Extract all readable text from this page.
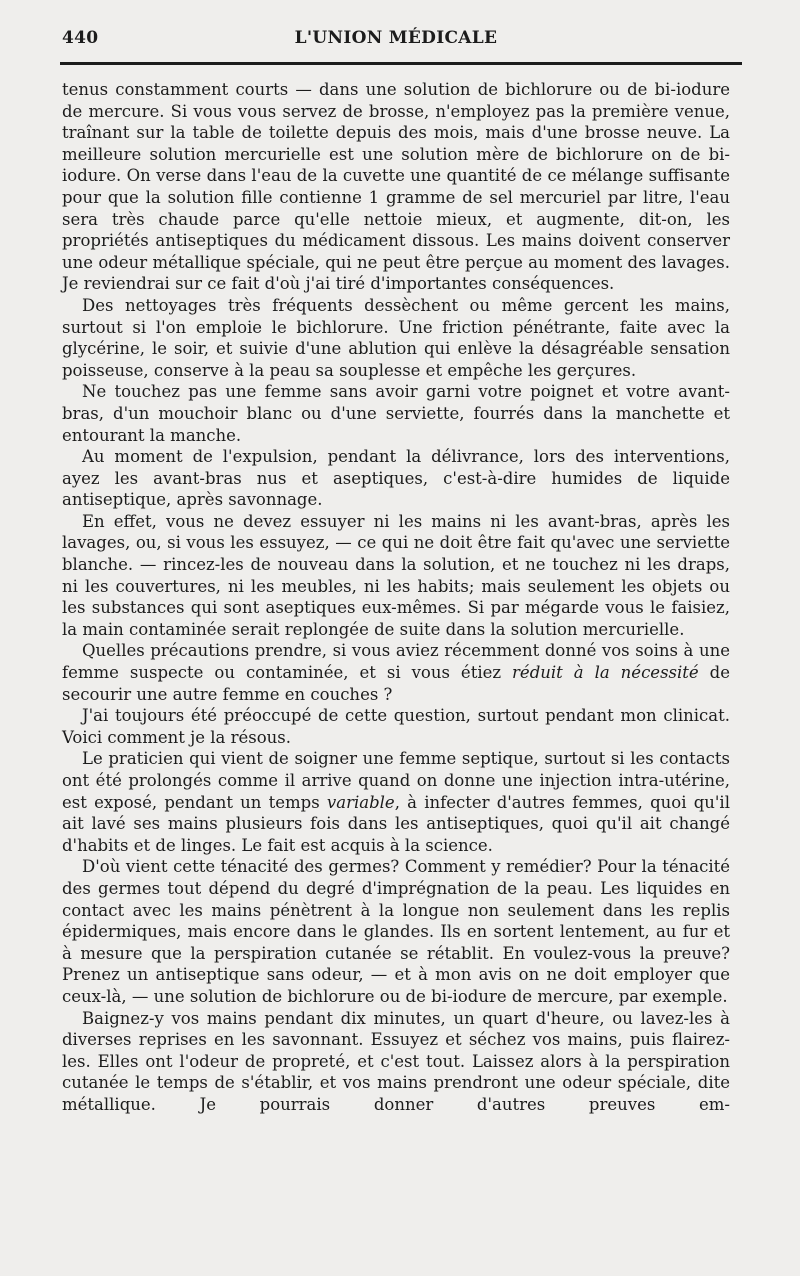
440	L'UNION MÉDICALE

tenus constamment courts — dans une solution de bichlorure ou de bi-iodure de mercure. Si vous vous servez de brosse, n'employez pas la première venue, traînant sur la table de toilette depuis des mois, mais d'une brosse neuve. La meilleure solution mercurielle est une solution mère de bichlorure on de bi-iodure. On verse dans l'eau de la cuvette une quantité de ce mélange suffisante pour que la solution fille contienne 1 gramme de sel mercuriel par litre, l'eau sera très chaude parce qu'elle nettoie mieux, et augmente, dit-on, les propriétés antiseptiques du médicament dissous. Les mains doivent conserver une odeur métallique spéciale, qui ne peut être perçue au moment des lavages. Je reviendrai sur ce fait d'où j'ai tiré d'importantes conséquences.

Des nettoyages très fréquents dessèchent ou même gercent les mains, surtout si l'on emploie le bichlorure. Une friction pénétrante, faite avec la glycérine, le soir, et suivie d'une ablution qui enlève la désagréable sensation poisseuse, conserve à la peau sa souplesse et empêche les gerçures.

Ne touchez pas une femme sans avoir garni votre poignet et votre avant-bras, d'un mouchoir blanc ou d'une serviette, fourrés dans la manchette et entourant la manche.

Au moment de l'expulsion, pendant la délivrance, lors des interventions, ayez les avant-bras nus et aseptiques, c'est-à-dire humides de liquide antiseptique, après savonnage.

En effet, vous ne devez essuyer ni les mains ni les avant-bras, après les lavages, ou, si vous les essuyez, — ce qui ne doit être fait qu'avec une serviette blanche. — rincez-les de nouveau dans la solution, et ne touchez ni les draps, ni les couvertures, ni les meubles, ni les habits; mais seulement les objets ou les substances qui sont aseptiques eux-mêmes. Si par mégarde vous le faisiez, la main contaminée serait replongée de suite dans la solution mercurielle.

Quelles précautions prendre, si vous aviez récemment donné vos soins à une femme suspecte ou contaminée, et si vous étiez réduit à la nécessité de secourir une autre femme en couches ?

J'ai toujours été préoccupé de cette question, surtout pendant mon clinicat. Voici comment je la résous.

Le praticien qui vient de soigner une femme septique, surtout si les contacts ont été prolongés comme il arrive quand on donne une injection intra-utérine, est exposé, pendant un temps variable, à infecter d'autres femmes, quoi qu'il ait lavé ses mains plusieurs fois dans les antiseptiques, quoi qu'il ait changé d'habits et de linges. Le fait est acquis à la science.

D'où vient cette ténacité des germes? Comment y remédier? Pour la ténacité des germes tout dépend du degré d'imprégnation de la peau. Les liquides en contact avec les mains pénètrent à la longue non seulement dans les replis épidermiques, mais encore dans le glandes. Ils en sortent lentement, au fur et à mesure que la perspiration cutanée se rétablit. En voulez-vous la preuve? Prenez un antiseptique sans odeur, — et à mon avis on ne doit employer que ceux-là, — une solution de bichlorure ou de bi-iodure de mercure, par exemple.

Baignez-y vos mains pendant dix minutes, un quart d'heure, ou lavez-les à diverses reprises en les savonnant. Essuyez et séchez vos mains, puis flairez-les. Elles ont l'odeur de propreté, et c'est tout. Laissez alors à la perspiration cutanée le temps de s'établir, et vos mains prendront une odeur spéciale, dite métallique. Je pourrais donner d'autres preuves em-
